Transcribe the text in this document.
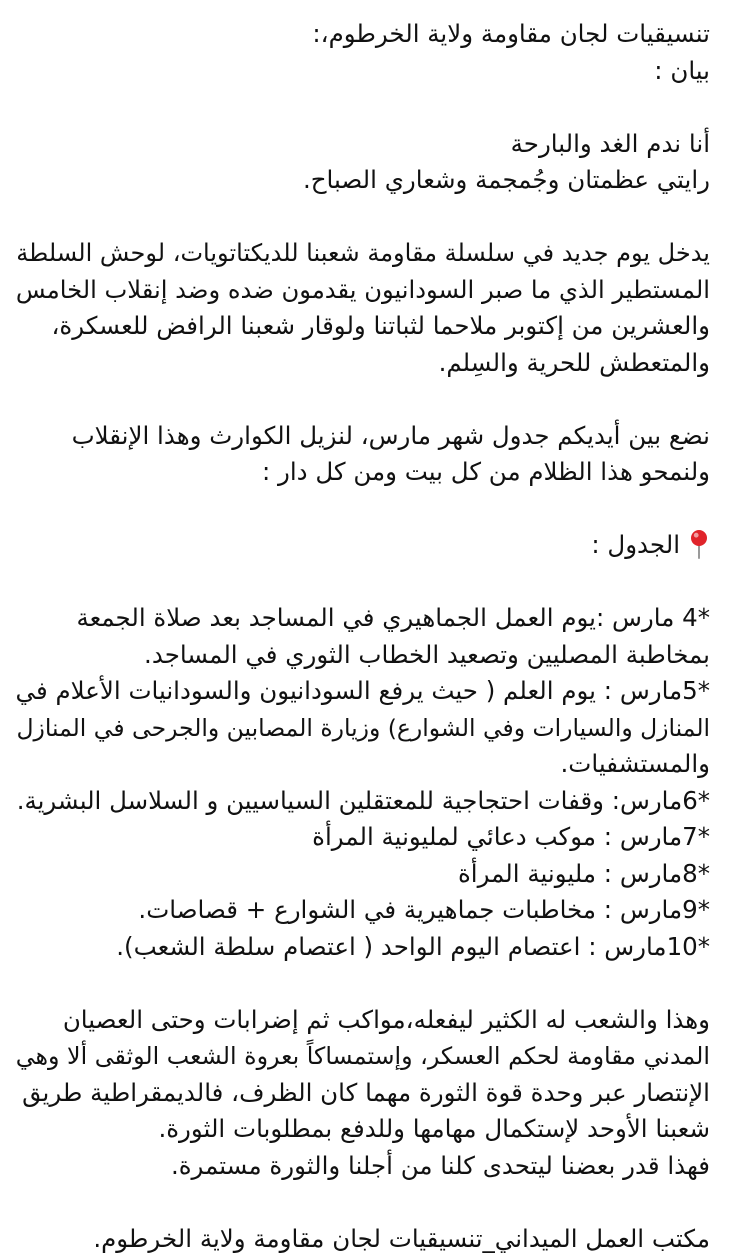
تنسيقيات لجان مقاومة ولاية الخرطوم،:
بيان :
أنا ندم الغد والبارحة
رايتي عظمتان وجُمجمة وشعاري الصباح.
يدخل يوم جديد في سلسلة مقاومة شعبنا للديكتاتويات، لوحش السلطة
المستطير الذي ما صبر السودانيون يقدمون ضده وضد إنقلاب الخامس
والعشرين من إكتوبر ملاحما لثباتنا ولوقار شعبنا الرافض للعسكرة،
والمتعطش للحرية والسِلم.
نضع بين أيديكم جدول شهر مارس، لنزيل الكوارث وهذا الإنقلاب
ولنمحو هذا الظلام من كل بيت ومن كل دار :
الجدول :
*4 مارس :يوم العمل الجماهيري في المساجد بعد صلاة الجمعة
بمخاطبة المصليين وتصعيد الخطاب الثوري في المساجد.
*5مارس : يوم العلم ( حيث يرفع السودانيون والسودانيات الأعلام في
المنازل والسيارات وفي الشوارع) وزيارة المصابين والجرحى في المنازل
والمستشفيات.
*6مارس: وقفات احتجاجية للمعتقلين السياسيين و السلاسل البشرية.
*7مارس : موكب دعائي لمليونية المرأة
*8مارس : مليونية المرأة
*9مارس : مخاطبات جماهيرية في الشوارع + قصاصات.
*10مارس : اعتصام اليوم الواحد ( اعتصام سلطة الشعب).
وهذا والشعب له الكثير ليفعله،مواكب ثم إضرابات وحتى العصيان
المدني مقاومة لحكم العسكر، وإستمساكاً بعروة الشعب الوثقى ألا وهي
الإنتصار عبر وحدة قوة الثورة مهما كان الظرف، فالديمقراطية طريق
شعبنا الأوحد لإستكمال مهامها وللدفع بمطلوبات الثورة.
فهذا قدر بعضنا ليتحدى كلنا من أجلنا والثورة مستمرة.
مكتب العمل الميداني_تنسيقيات لجان مقاومة ولاية الخرطوم.
